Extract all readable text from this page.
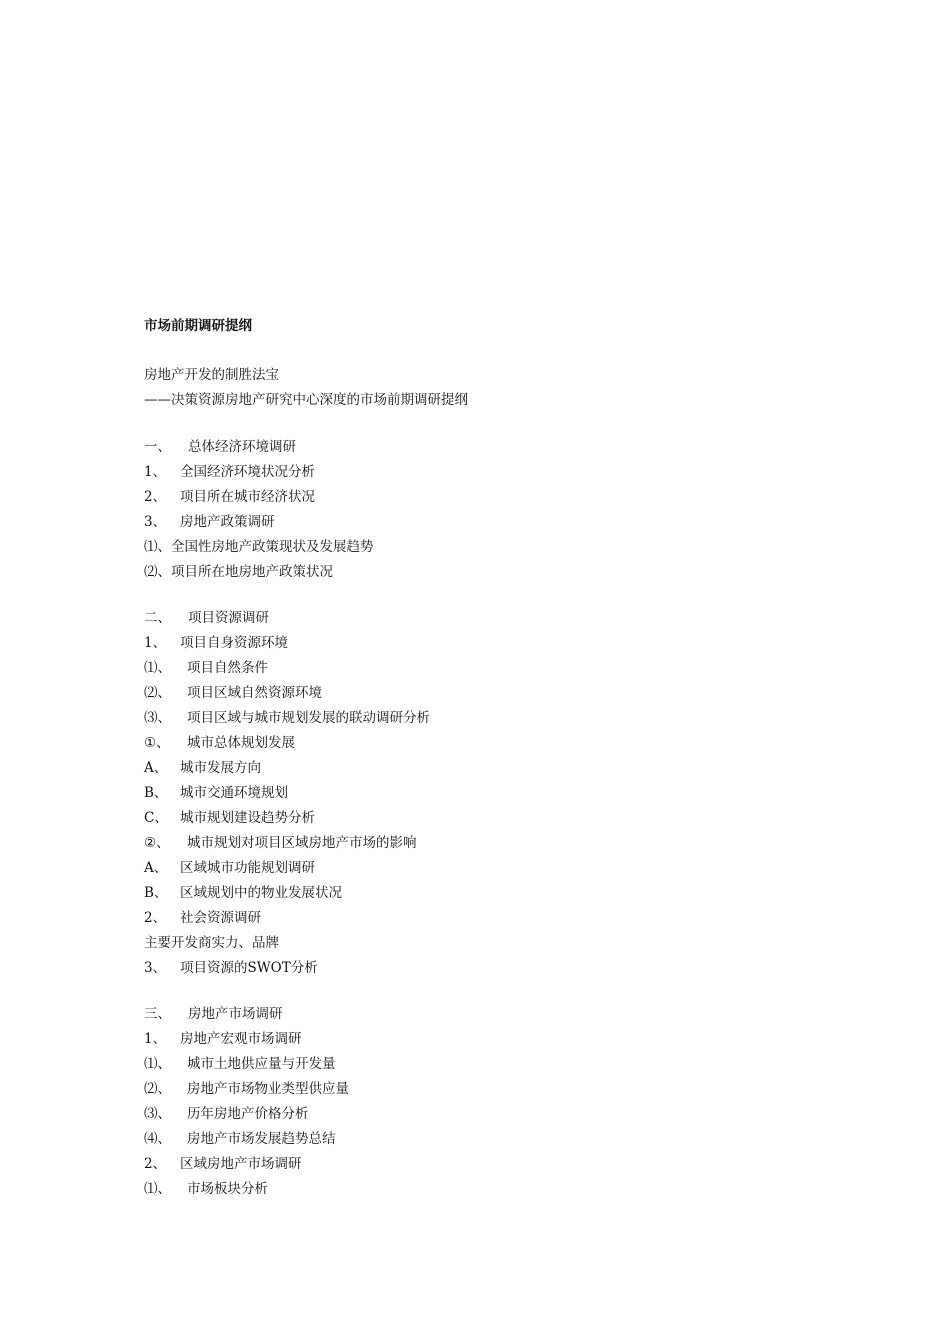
市场前期调研提纲
房地产开发的制胜法宝
——决策资源房地产研究中心深度的市场前期调研提纲
一、 总体经济环境调研
1、 全国经济环境状况分析
2、 项目所在城市经济状况
3、 房地产政策调研
⑴、全国性房地产政策现状及发展趋势
⑵、项目所在地房地产政策状况
二、 项目资源调研
1、 项目自身资源环境
⑴、 项目自然条件
⑵、 项目区域自然资源环境
⑶、 项目区域与城市规划发展的联动调研分析
①、 城市总体规划发展
A、 城市发展方向
B、 城市交通环境规划
C、 城市规划建设趋势分析
②、 城市规划对项目区域房地产市场的影响
A、 区域城市功能规划调研
B、 区域规划中的物业发展状况
2、 社会资源调研
主要开发商实力、品牌
3、 项目资源的SWOT分析
三、 房地产市场调研
1、 房地产宏观市场调研
⑴、 城市土地供应量与开发量
⑵、 房地产市场物业类型供应量
⑶、 历年房地产价格分析
⑷、 房地产市场发展趋势总结
2、 区域房地产市场调研
⑴、 市场板块分析
